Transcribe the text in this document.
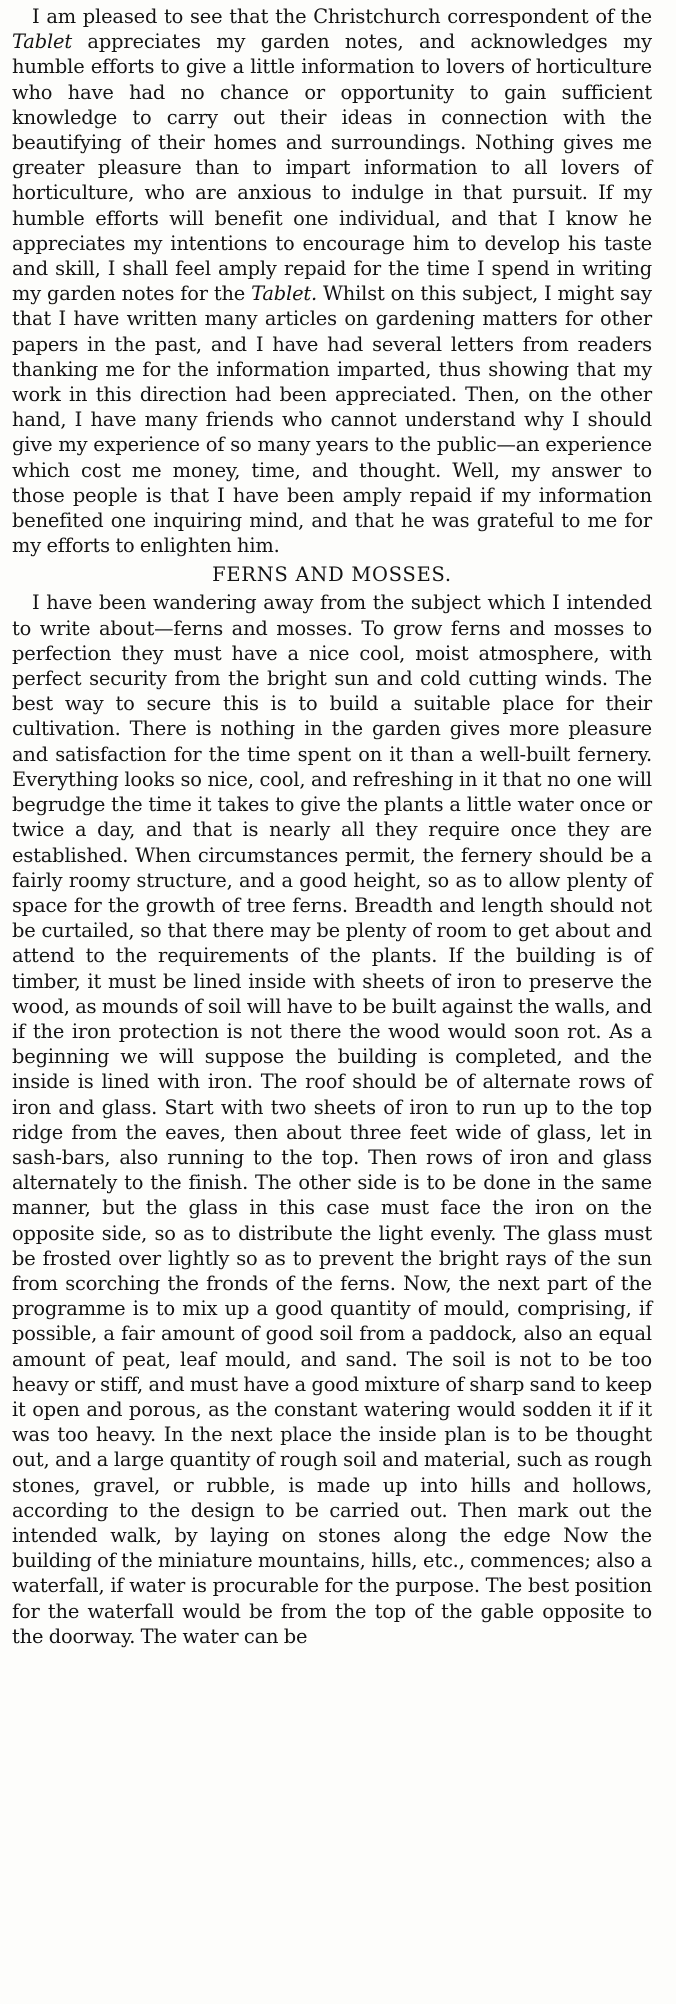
I am pleased to see that the Christchurch correspondent of the Tablet appreciates my garden notes, and acknowledges my humble efforts to give a little information to lovers of horticulture who have had no chance or opportunity to gain sufficient knowledge to carry out their ideas in connection with the beautifying of their homes and surroundings. Nothing gives me greater pleasure than to impart information to all lovers of horticulture, who are anxious to indulge in that pursuit. If my humble efforts will benefit one individual, and that I know he appreciates my intentions to encourage him to develop his taste and skill, I shall feel amply repaid for the time I spend in writing my garden notes for the Tablet. Whilst on this subject, I might say that I have written many articles on gardening matters for other papers in the past, and I have had several letters from readers thanking me for the information imparted, thus showing that my work in this direction had been appreciated. Then, on the other hand, I have many friends who cannot understand why I should give my experience of so many years to the public—an experience which cost me money, time, and thought. Well, my answer to those people is that I have been amply repaid if my information benefited one inquiring mind, and that he was grateful to me for my efforts to enlighten him.

FERNS AND MOSSES.

I have been wandering away from the subject which I intended to write about—ferns and mosses. To grow ferns and mosses to perfection they must have a nice cool, moist atmosphere, with perfect security from the bright sun and cold cutting winds. The best way to secure this is to build a suitable place for their cultivation. There is nothing in the garden gives more pleasure and satisfaction for the time spent on it than a well-built fernery. Everything looks so nice, cool, and refreshing in it that no one will begrudge the time it takes to give the plants a little water once or twice a day, and that is nearly all they require once they are established. When circumstances permit, the fernery should be a fairly roomy structure, and a good height, so as to allow plenty of space for the growth of tree ferns. Breadth and length should not be curtailed, so that there may be plenty of room to get about and attend to the requirements of the plants. If the building is of timber, it must be lined inside with sheets of iron to preserve the wood, as mounds of soil will have to be built against the walls, and if the iron protection is not there the wood would soon rot. As a beginning we will suppose the building is completed, and the inside is lined with iron. The roof should be of alternate rows of iron and glass. Start with two sheets of iron to run up to the top ridge from the eaves, then about three feet wide of glass, let in sash-bars, also running to the top. Then rows of iron and glass alternately to the finish. The other side is to be done in the same manner, but the glass in this case must face the iron on the opposite side, so as to distribute the light evenly. The glass must be frosted over lightly so as to prevent the bright rays of the sun from scorching the fronds of the ferns. Now, the next part of the programme is to mix up a good quantity of mould, comprising, if possible, a fair amount of good soil from a paddock, also an equal amount of peat, leaf mould, and sand. The soil is not to be too heavy or stiff, and must have a good mixture of sharp sand to keep it open and porous, as the constant watering would sodden it if it was too heavy. In the next place the inside plan is to be thought out, and a large quantity of rough soil and material, such as rough stones, gravel, or rubble, is made up into hills and hollows, according to the design to be carried out. Then mark out the intended walk, by laying on stones along the edge Now the building of the miniature mountains, hills, etc., commences; also a waterfall, if water is procurable for the purpose. The best position for the waterfall would be from the top of the gable opposite to the doorway. The water can be
